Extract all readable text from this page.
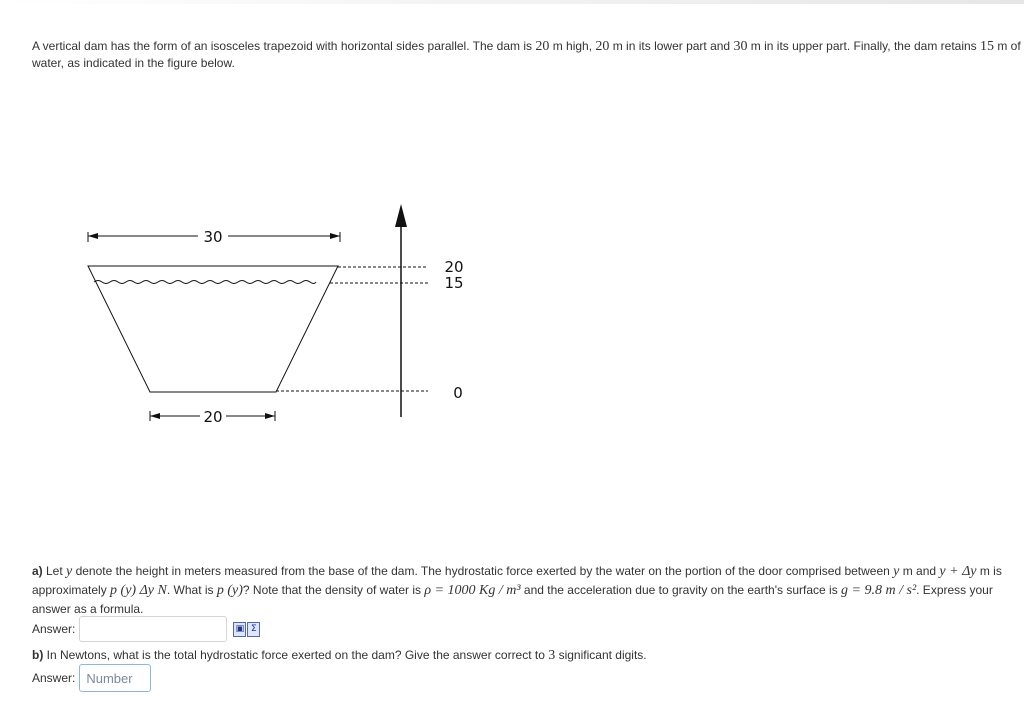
A vertical dam has the form of an isosceles trapezoid with horizontal sides parallel. The dam is 20 m high, 20 m in its lower part and 30 m in its upper part. Finally, the dam retains 15 m of water, as indicated in the figure below.
30
20
15
0
20
a) Let y denote the height in meters measured from the base of the dam. The hydrostatic force exerted by the water on the portion of the door comprised between y m and y + Δy m is approximately p (y) Δy N. What is p (y)? Note that the density of water is ρ = 1000 Kg / m³ and the acceleration due to gravity on the earth's surface is g = 9.8 m / s². Express your answer as a formula.
Answer:	▣ Σ
b) In Newtons, what is the total hydrostatic force exerted on the dam? Give the answer correct to 3 significant digits.
Answer:
Number
